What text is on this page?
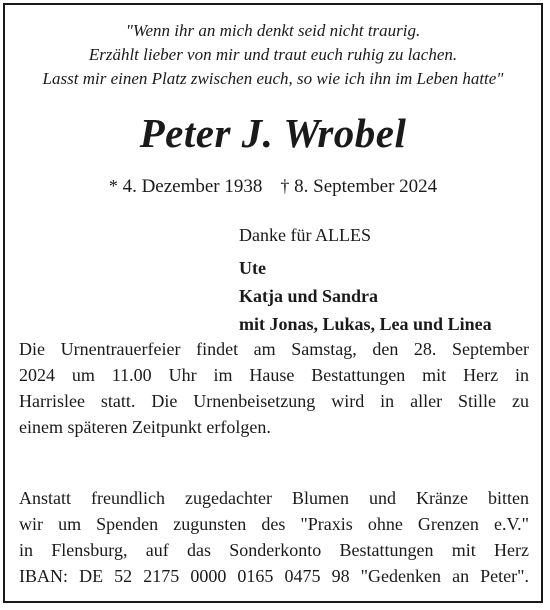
"Wenn ihr an mich denkt seid nicht traurig.
Erzählt lieber von mir und traut euch ruhig zu lachen.
Lasst mir einen Platz zwischen euch, so wie ich ihn im Leben hatte"
Peter J. Wrobel
* 4. Dezember 1938 † 8. September 2024
Danke für ALLES
Ute
Katja und Sandra
mit Jonas, Lukas, Lea und Linea
Die Urnentrauerfeier findet am Samstag, den 28. September
2024 um 11.00 Uhr im Hause Bestattungen mit Herz in
Harrislee statt. Die Urnenbeisetzung wird in aller Stille zu
einem späteren Zeitpunkt erfolgen.
Anstatt freundlich zugedachter Blumen und Kränze bitten
wir um Spenden zugunsten des "Praxis ohne Grenzen e.V."
in Flensburg, auf das Sonderkonto Bestattungen mit Herz
IBAN: DE 52 2175 0000 0165 0475 98 "Gedenken an Peter".
